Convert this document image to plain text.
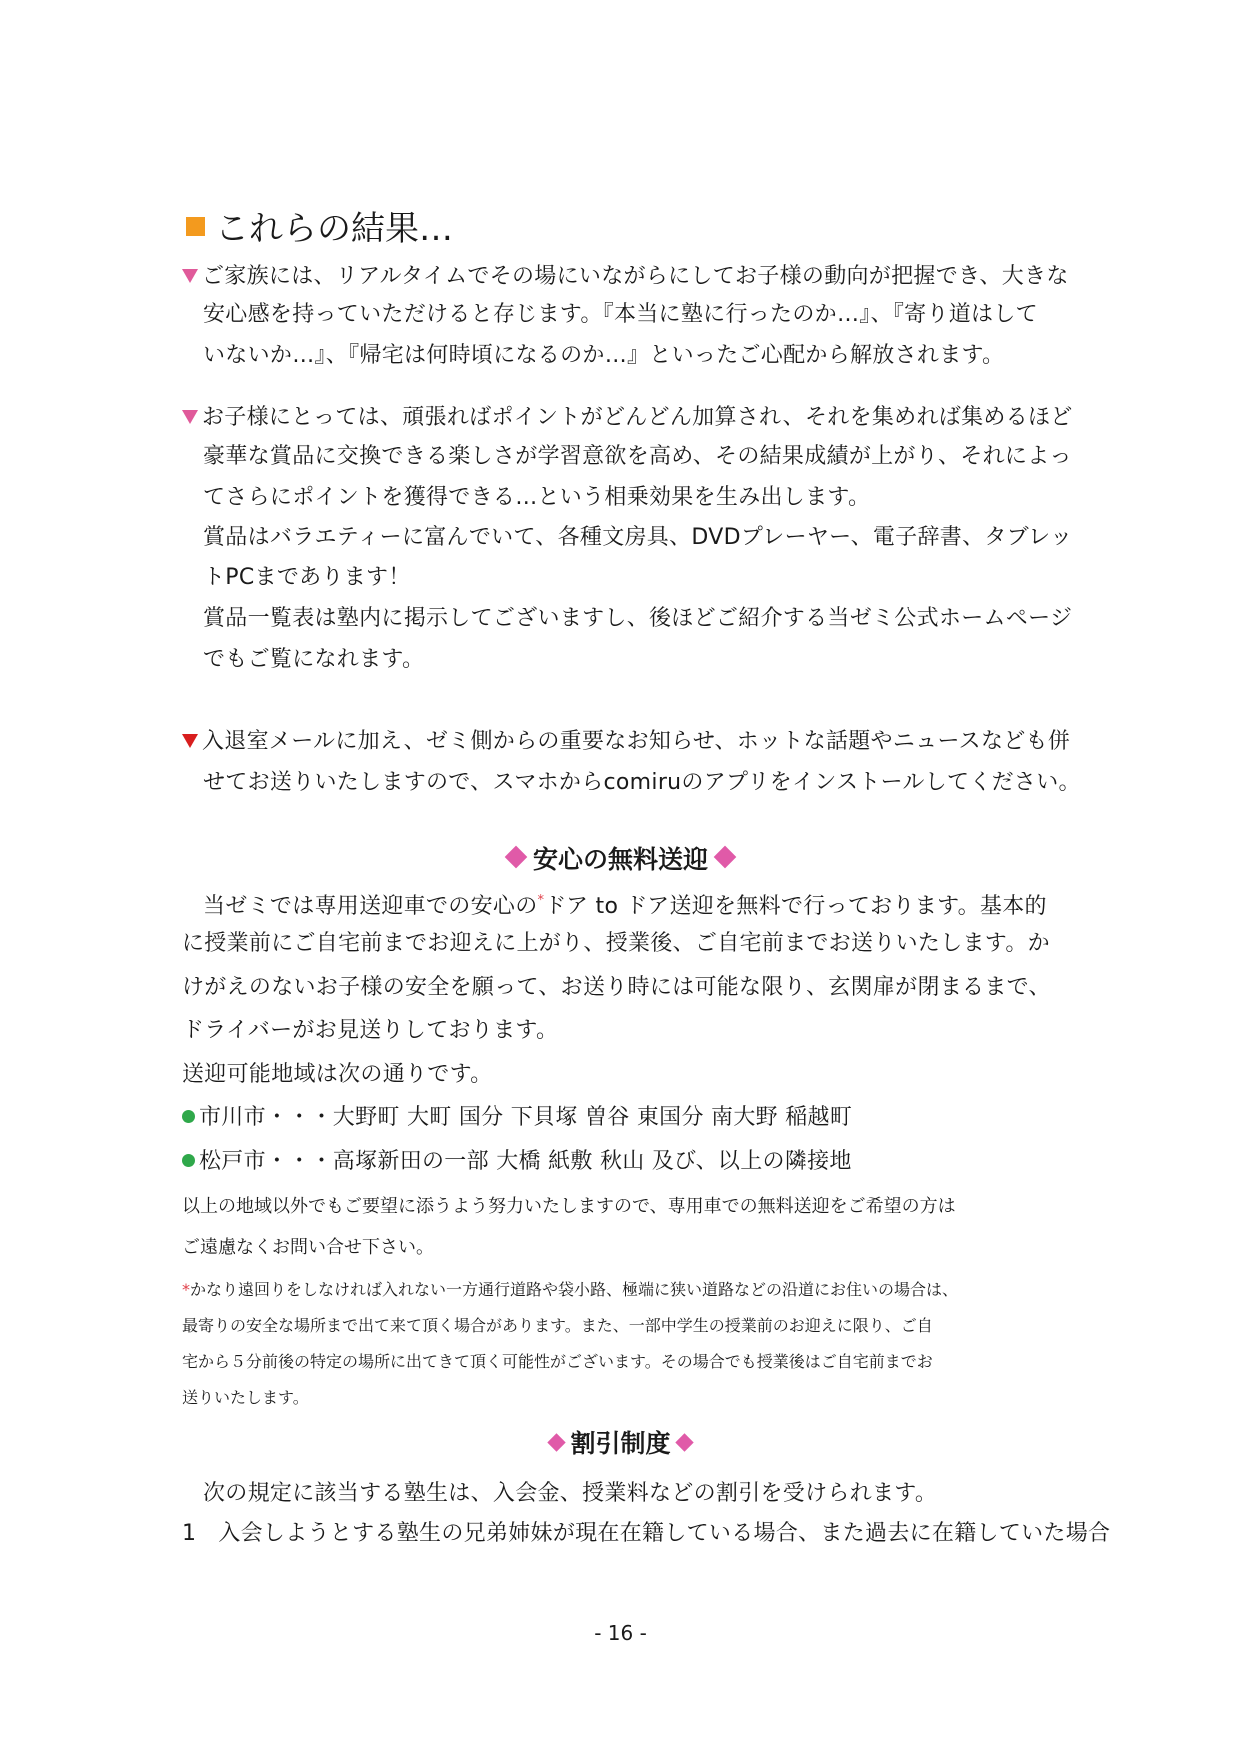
これらの結果…
ご家族には、リアルタイムでその場にいながらにしてお子様の動向が把握でき、大きな
安心感を持っていただけると存じます。『本当に塾に行ったのか…』、『寄り道はして
いないか…』、『帰宅は何時頃になるのか…』といったご心配から解放されます。
お子様にとっては、頑張ればポイントがどんどん加算され、それを集めれば集めるほど
豪華な賞品に交換できる楽しさが学習意欲を高め、その結果成績が上がり、それによっ
てさらにポイントを獲得できる…という相乗効果を生み出します。
賞品はバラエティーに富んでいて、各種文房具、DVDプレーヤー、電子辞書、タブレッ
トPCまであります！
賞品一覧表は塾内に掲示してございますし、後ほどご紹介する当ゼミ公式ホームページ
でもご覧になれます。
入退室メールに加え、ゼミ側からの重要なお知らせ、ホットな話題やニュースなども併
せてお送りいたしますので、スマホからcomiruのアプリをインストールしてください。
安心の無料送迎
当ゼミでは専用送迎車での安心の*ドア to ドア送迎を無料で行っております。基本的
に授業前にご自宅前までお迎えに上がり、授業後、ご自宅前までお送りいたします。か
けがえのないお子様の安全を願って、お送り時には可能な限り、玄関扉が閉まるまで、
ドライバーがお見送りしております。
送迎可能地域は次の通りです。
市川市・・・大野町 大町 国分 下貝塚 曽谷 東国分 南大野 稲越町
松戸市・・・高塚新田の一部 大橋 紙敷 秋山 及び、以上の隣接地
以上の地域以外でもご要望に添うよう努力いたしますので、専用車での無料送迎をご希望の方は
ご遠慮なくお問い合せ下さい。
*かなり遠回りをしなければ入れない一方通行道路や袋小路、極端に狭い道路などの沿道にお住いの場合は、
最寄りの安全な場所まで出て来て頂く場合があります。また、一部中学生の授業前のお迎えに限り、ご自
宅から５分前後の特定の場所に出てきて頂く可能性がございます。その場合でも授業後はご自宅前までお
送りいたします。
割引制度
次の規定に該当する塾生は、入会金、授業料などの割引を受けられます。
1 入会しようとする塾生の兄弟姉妹が現在在籍している場合、また過去に在籍していた場合
- 16 -
